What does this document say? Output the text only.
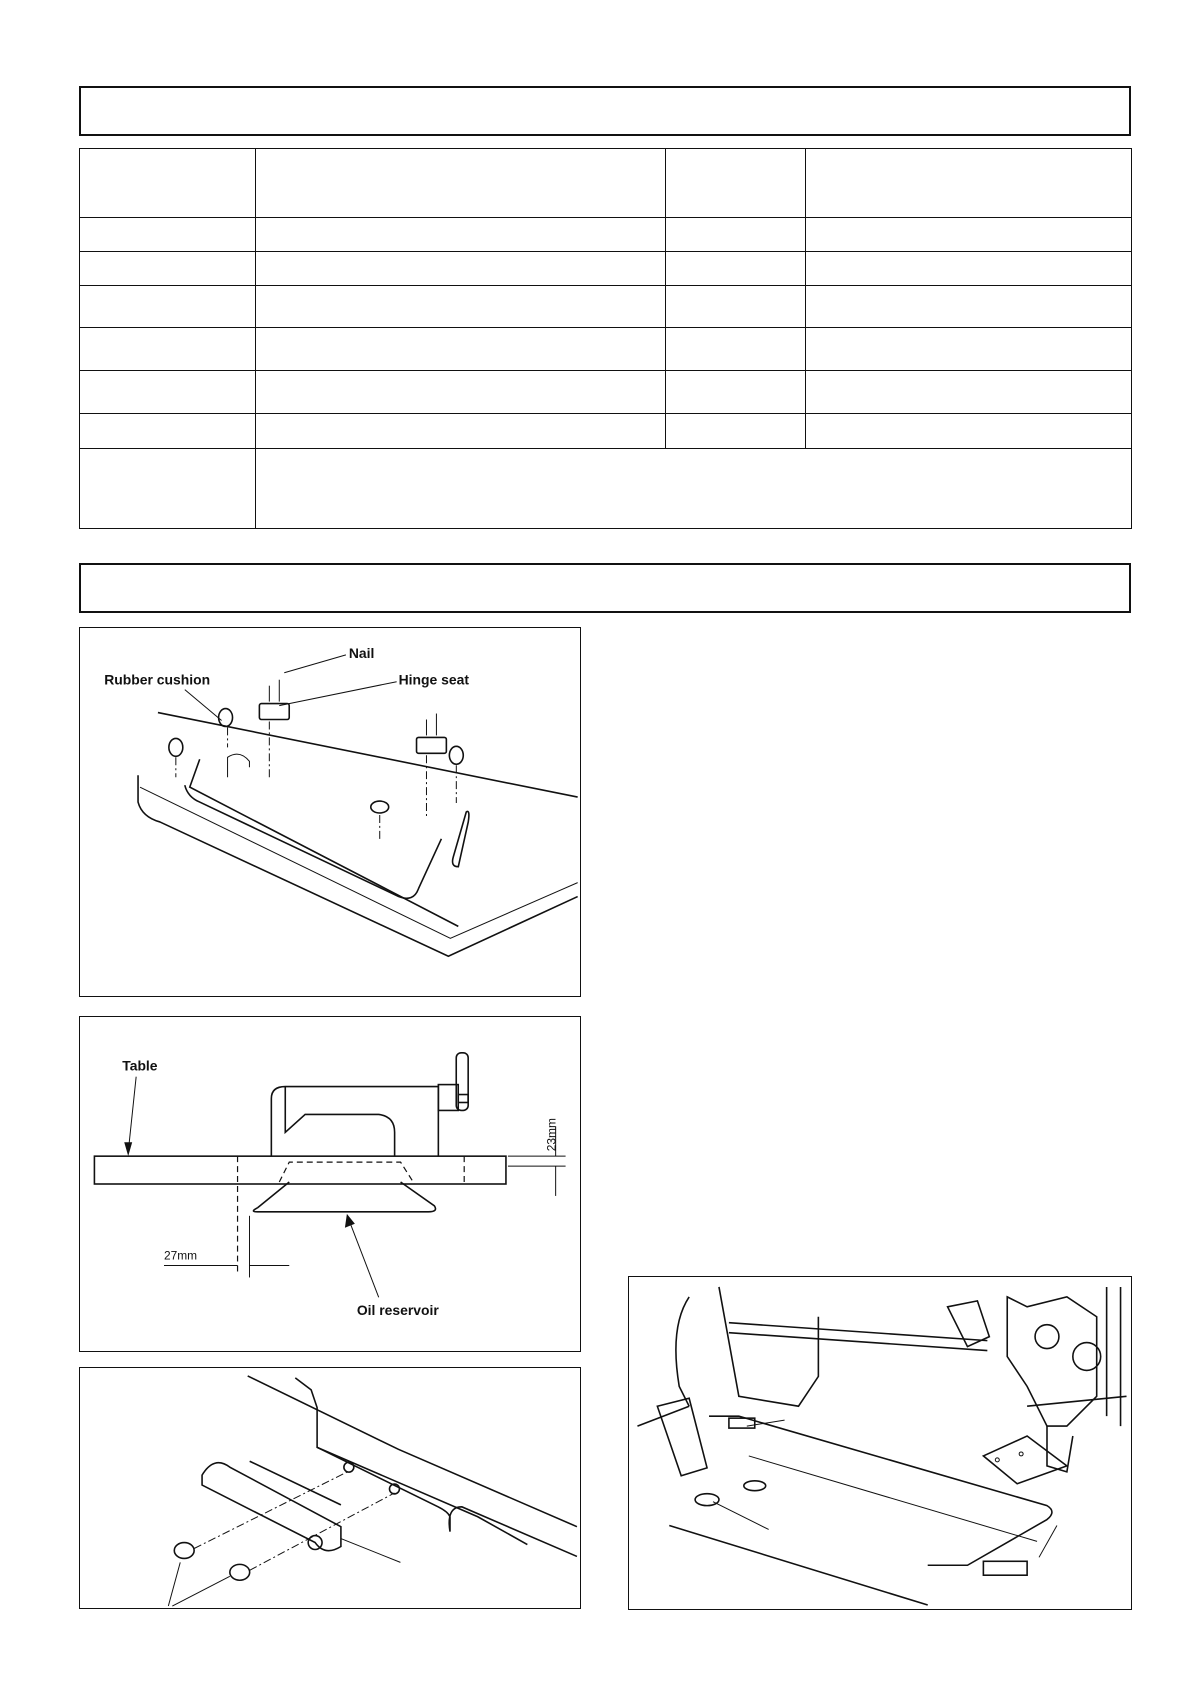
Nail
Hinge seat
Rubber cushion
Table
Oil reservoir
23mm
27mm
